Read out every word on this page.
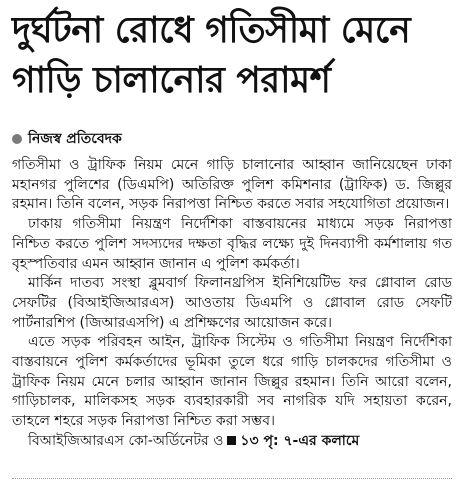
দুর্ঘটনা রোধে গতিসীমা মেনে
গাড়ি চালানোর পরামর্শ
নিজস্ব প্রতিবেদক

গতিসীমা ও ট্রাফিক নিয়ম মেনে গাড়ি চালানোর আহ্বান জানিয়েছেন ঢাকা মহানগর পুলিশের (ডিএমপি) অতিরিক্ত পুলিশ কমিশনার (ট্রাফিক) ড. জিল্লুর রহমান। তিনি বলেন, সড়ক নিরাপত্তা নিশ্চিত করতে সবার সহযোগিতা প্রয়োজন।

ঢাকায় গতিসীমা নিয়ন্ত্রণ নির্দেশিকা বাস্তবায়নের মাধ্যমে সড়ক নিরাপত্তা নিশ্চিত করতে পুলিশ সদস্যদের দক্ষতা বৃদ্ধির লক্ষ্যে দুই দিনব্যাপী কর্মশালায় গত বৃহস্পতিবার এমন আহ্বান জানান এ পুলিশ কর্মকর্তা।

মার্কিন দাতব্য সংস্থা ব্লুমবার্গ ফিলানথ্রপিস ইনিশিয়েটিভ ফর গ্লোবাল রোড সেফটির (বিআইজিআরএস) আওতায় ডিএমপি ও গ্লোবাল রোড সেফটি পার্টনারশিপ (জিআরএসপি) এ প্রশিক্ষণের আয়োজন করে।

এতে সড়ক পরিবহন আইন, ট্রাফিক সিস্টেম ও গতিসীমা নিয়ন্ত্রণ নির্দেশিকা বাস্তবায়নে পুলিশ কর্মকর্তাদের ভূমিকা তুলে ধরে গাড়ি চালকদের গতিসীমা ও ট্রাফিক নিয়ম মেনে চলার আহ্বান জানান জিল্লুর রহমান। তিনি আরো বলেন, গাড়িচালক, মালিকসহ সড়ক ব্যবহারকারী সব নাগরিক যদি সহায়তা করেন, তাহলে শহরে সড়ক নিরাপত্তা নিশ্চিত করা সম্ভব।

বিআইজিআরএস কো-অর্ডিনেটর ও ১৩ পৃ: ৭-এর কলামে
